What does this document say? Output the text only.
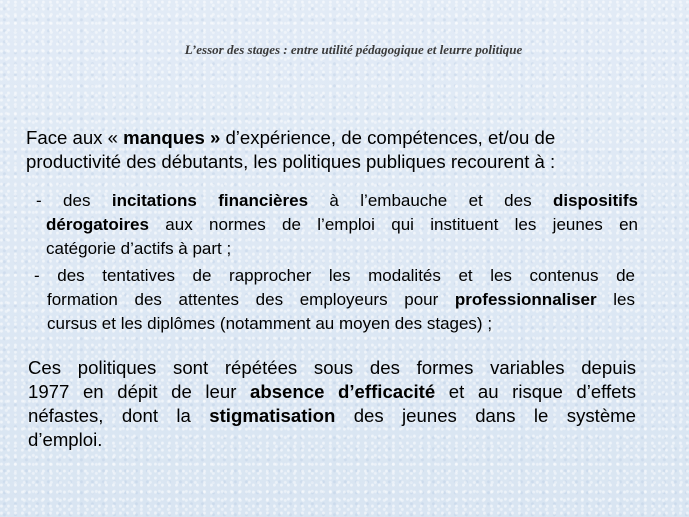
L’essor des stages : entre utilité pédagogique et leurre politique
Face aux « manques » d’expérience, de compétences, et/ou de
productivité des débutants, les politiques publiques recourent à :
- des incitations financières à l’embauche et des dispositifs
dérogatoires aux normes de l’emploi qui instituent les jeunes en
catégorie d’actifs à part ;
- des tentatives de rapprocher les modalités et les contenus de
formation des attentes des employeurs pour professionnaliser les
cursus et les diplômes (notamment au moyen des stages) ;
Ces politiques sont répétées sous des formes variables depuis
1977 en dépit de leur absence d’efficacité et au risque d’effets
néfastes, dont la stigmatisation des jeunes dans le système
d’emploi.
